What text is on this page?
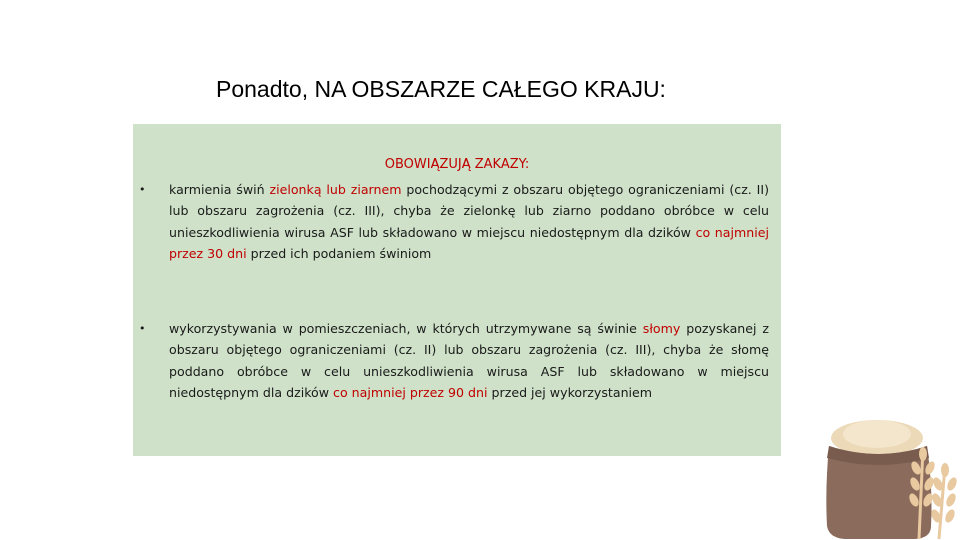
Ponadto, NA OBSZARZE CAŁEGO KRAJU:
OBOWIĄZUJĄ ZAKAZY:
• karmienia świń zielonką lub ziarnem pochodzącymi z obszaru objętego ograniczeniami (cz. II) lub obszaru zagrożenia (cz. III), chyba że zielonkę lub ziarno poddano obróbce w celu unieszkodliwienia wirusa ASF lub składowano w miejscu niedostępnym dla dzików co najmniej przez 30 dni przed ich podaniem świniom

• wykorzystywania w pomieszczeniach, w których utrzymywane są świnie słomy pozyskanej z obszaru objętego ograniczeniami (cz. II) lub obszaru zagrożenia (cz. III), chyba że słomę poddano obróbce w celu unieszkodliwienia wirusa ASF lub składowano w miejscu niedostępnym dla dzików co najmniej przez 90 dni przed jej wykorzystaniem
